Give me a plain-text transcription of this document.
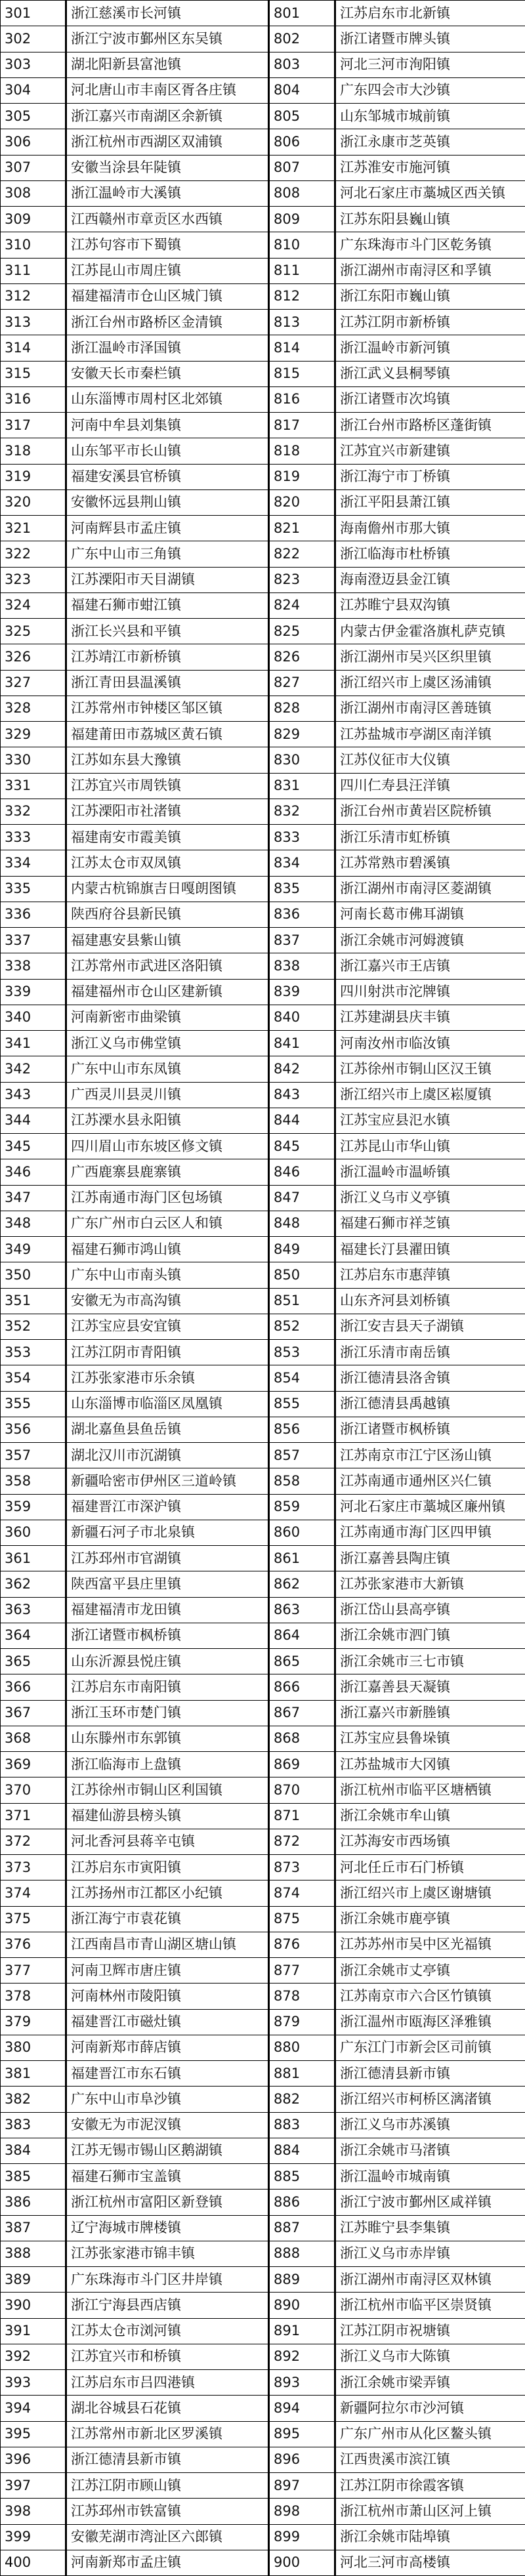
301	浙江慈溪市长河镇	801	江苏启东市北新镇
302	浙江宁波市鄞州区东吴镇	802	浙江诸暨市牌头镇
303	湖北阳新县富池镇	803	河北三河市洵阳镇
304	河北唐山市丰南区胥各庄镇	804	广东四会市大沙镇
305	浙江嘉兴市南湖区余新镇	805	山东邹城市城前镇
306	浙江杭州市西湖区双浦镇	806	浙江永康市芝英镇
307	安徽当涂县年陡镇	807	江苏淮安市施河镇
308	浙江温岭市大溪镇	808	河北石家庄市藁城区西关镇
309	江西赣州市章贡区水西镇	809	江苏东阳县巍山镇
310	江苏句容市下蜀镇	810	广东珠海市斗门区乾务镇
311	江苏昆山市周庄镇	811	浙江湖州市南浔区和孚镇
312	福建福清市仓山区城门镇	812	浙江东阳市巍山镇
313	浙江台州市路桥区金清镇	813	江苏江阴市新桥镇
314	浙江温岭市泽国镇	814	浙江温岭市新河镇
315	安徽天长市秦栏镇	815	浙江武义县桐琴镇
316	山东淄博市周村区北郊镇	816	浙江诸暨市次坞镇
317	河南中牟县刘集镇	817	浙江台州市路桥区蓬街镇
318	山东邹平市长山镇	818	江苏宜兴市新建镇
319	福建安溪县官桥镇	819	浙江海宁市丁桥镇
320	安徽怀远县荆山镇	820	浙江平阳县萧江镇
321	河南辉县市孟庄镇	821	海南儋州市那大镇
322	广东中山市三角镇	822	浙江临海市杜桥镇
323	江苏溧阳市天目湖镇	823	海南澄迈县金江镇
324	福建石狮市蚶江镇	824	江苏睢宁县双沟镇
325	浙江长兴县和平镇	825	内蒙古伊金霍洛旗札萨克镇
326	江苏靖江市新桥镇	826	浙江湖州市吴兴区织里镇
327	浙江青田县温溪镇	827	浙江绍兴市上虞区汤浦镇
328	江苏常州市钟楼区邹区镇	828	浙江湖州市南浔区善琏镇
329	福建莆田市荔城区黄石镇	829	江苏盐城市亭湖区南洋镇
330	江苏如东县大豫镇	830	江苏仪征市大仪镇
331	江苏宜兴市周铁镇	831	四川仁寿县汪洋镇
332	江苏溧阳市社渚镇	832	浙江台州市黄岩区院桥镇
333	福建南安市霞美镇	833	浙江乐清市虹桥镇
334	江苏太仓市双凤镇	834	江苏常熟市碧溪镇
335	内蒙古杭锦旗吉日嘎朗图镇	835	浙江湖州市南浔区菱湖镇
336	陕西府谷县新民镇	836	河南长葛市佛耳湖镇
337	福建惠安县紫山镇	837	浙江余姚市河姆渡镇
338	江苏常州市武进区洛阳镇	838	浙江嘉兴市王店镇
339	福建福州市仓山区建新镇	839	四川射洪市沱牌镇
340	河南新密市曲梁镇	840	江苏建湖县庆丰镇
341	浙江义乌市佛堂镇	841	河南汝州市临汝镇
342	广东中山市东凤镇	842	江苏徐州市铜山区汉王镇
343	广西灵川县灵川镇	843	浙江绍兴市上虞区崧厦镇
344	江苏溧水县永阳镇	844	江苏宝应县氾水镇
345	四川眉山市东坡区修文镇	845	江苏昆山市华山镇
346	广西鹿寨县鹿寨镇	846	浙江温岭市温峤镇
347	江苏南通市海门区包场镇	847	浙江义乌市义亭镇
348	广东广州市白云区人和镇	848	福建石狮市祥芝镇
349	福建石狮市鸿山镇	849	福建长汀县濯田镇
350	广东中山市南头镇	850	江苏启东市惠萍镇
351	安徽无为市高沟镇	851	山东齐河县刘桥镇
352	江苏宝应县安宜镇	852	浙江安吉县天子湖镇
353	江苏江阴市青阳镇	853	浙江乐清市南岳镇
354	江苏张家港市乐余镇	854	浙江德清县洛舍镇
355	山东淄博市临淄区凤凰镇	855	浙江德清县禹越镇
356	湖北嘉鱼县鱼岳镇	856	浙江诸暨市枫桥镇
357	湖北汉川市沉湖镇	857	江苏南京市江宁区汤山镇
358	新疆哈密市伊州区三道岭镇	858	江苏南通市通州区兴仁镇
359	福建晋江市深沪镇	859	河北石家庄市藁城区廉州镇
360	新疆石河子市北泉镇	860	江苏南通市海门区四甲镇
361	江苏邳州市官湖镇	861	浙江嘉善县陶庄镇
362	陕西富平县庄里镇	862	江苏张家港市大新镇
363	福建福清市龙田镇	863	浙江岱山县高亭镇
364	浙江诸暨市枫桥镇	864	浙江余姚市泗门镇
365	山东沂源县悦庄镇	865	浙江余姚市三七市镇
366	江苏启东市南阳镇	866	浙江嘉善县天凝镇
367	浙江玉环市楚门镇	867	浙江嘉兴市新塍镇
368	山东滕州市东郭镇	868	江苏宝应县鲁垛镇
369	浙江临海市上盘镇	869	江苏盐城市大冈镇
370	江苏徐州市铜山区利国镇	870	浙江杭州市临平区塘栖镇
371	福建仙游县榜头镇	871	浙江余姚市牟山镇
372	河北香河县蒋辛屯镇	872	江苏海安市西场镇
373	江苏启东市寅阳镇	873	河北任丘市石门桥镇
374	江苏扬州市江都区小纪镇	874	浙江绍兴市上虞区谢塘镇
375	浙江海宁市袁花镇	875	浙江余姚市鹿亭镇
376	江西南昌市青山湖区塘山镇	876	江苏苏州市吴中区光福镇
377	河南卫辉市唐庄镇	877	浙江余姚市丈亭镇
378	河南林州市陵阳镇	878	江苏南京市六合区竹镇镇
379	福建晋江市磁灶镇	879	浙江温州市瓯海区泽雅镇
380	河南新郑市薛店镇	880	广东江门市新会区司前镇
381	福建晋江市东石镇	881	浙江德清县新市镇
382	广东中山市阜沙镇	882	浙江绍兴市柯桥区漓渚镇
383	安徽无为市泥汊镇	883	浙江义乌市苏溪镇
384	江苏无锡市锡山区鹅湖镇	884	浙江余姚市马渚镇
385	福建石狮市宝盖镇	885	浙江温岭市城南镇
386	浙江杭州市富阳区新登镇	886	浙江宁波市鄞州区咸祥镇
387	辽宁海城市牌楼镇	887	江苏睢宁县李集镇
388	江苏张家港市锦丰镇	888	浙江义乌市赤岸镇
389	广东珠海市斗门区井岸镇	889	浙江湖州市南浔区双林镇
390	浙江宁海县西店镇	890	浙江杭州市临平区崇贤镇
391	江苏太仓市浏河镇	891	江苏江阴市祝塘镇
392	江苏宜兴市和桥镇	892	浙江义乌市大陈镇
393	江苏启东市吕四港镇	893	浙江余姚市梁弄镇
394	湖北谷城县石花镇	894	新疆阿拉尔市沙河镇
395	江苏常州市新北区罗溪镇	895	广东广州市从化区鳌头镇
396	浙江德清县新市镇	896	江西贵溪市滨江镇
397	江苏江阴市顾山镇	897	江苏江阴市徐霞客镇
398	江苏邳州市铁富镇	898	浙江杭州市萧山区河上镇
399	安徽芜湖市湾沚区六郎镇	899	浙江余姚市陆埠镇
400	河南新郑市孟庄镇	900	河北三河市高楼镇
